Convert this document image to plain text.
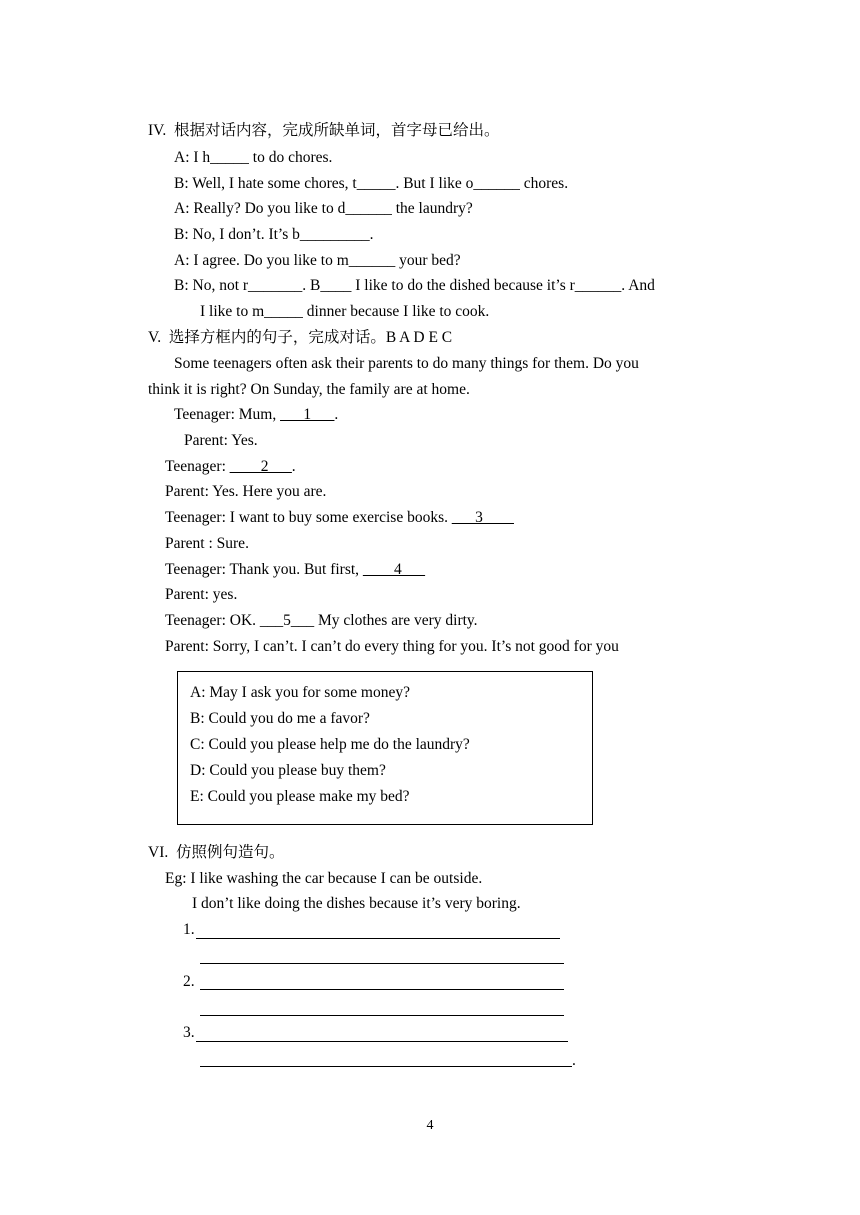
IV.  根据对话内容，完成所缺单词，首字母已给出。
A: I h_____ to do chores.
B: Well, I hate some chores, t_____. But I like o______ chores.
A: Really? Do you like to d______ the laundry?
B: No, I don’t. It’s b_________.
A: I agree. Do you like to m______ your bed?
B: No, not r_______. B____ I like to do the dished because it’s r______. And
I like to m_____ dinner because I like to cook.
V.  选择方框内的句子，完成对话。B A D E C
Some teenagers often ask their parents to do many things for them. Do you
think it is right? On Sunday, the family are at home.
Teenager: Mum, ___1___.
Parent: Yes.
Teenager: ____2___.
Parent: Yes. Here you are.
Teenager: I want to buy some exercise books. ___3____
Parent : Sure.
Teenager: Thank you. But first, ____4___
Parent: yes.
Teenager: OK. ___5___ My clothes are very dirty.
Parent: Sorry, I can’t. I can’t do every thing for you. It’s not good for you
A: May I ask you for some money?
B: Could you do me a favor?
C: Could you please help me do the laundry?
D: Could you please buy them?
E: Could you please make my bed?
VI.  仿照例句造句。
Eg: I like washing the car because I can be outside.
I don’t like doing the dishes because it’s very boring.
1.
2.
3.
.
4
